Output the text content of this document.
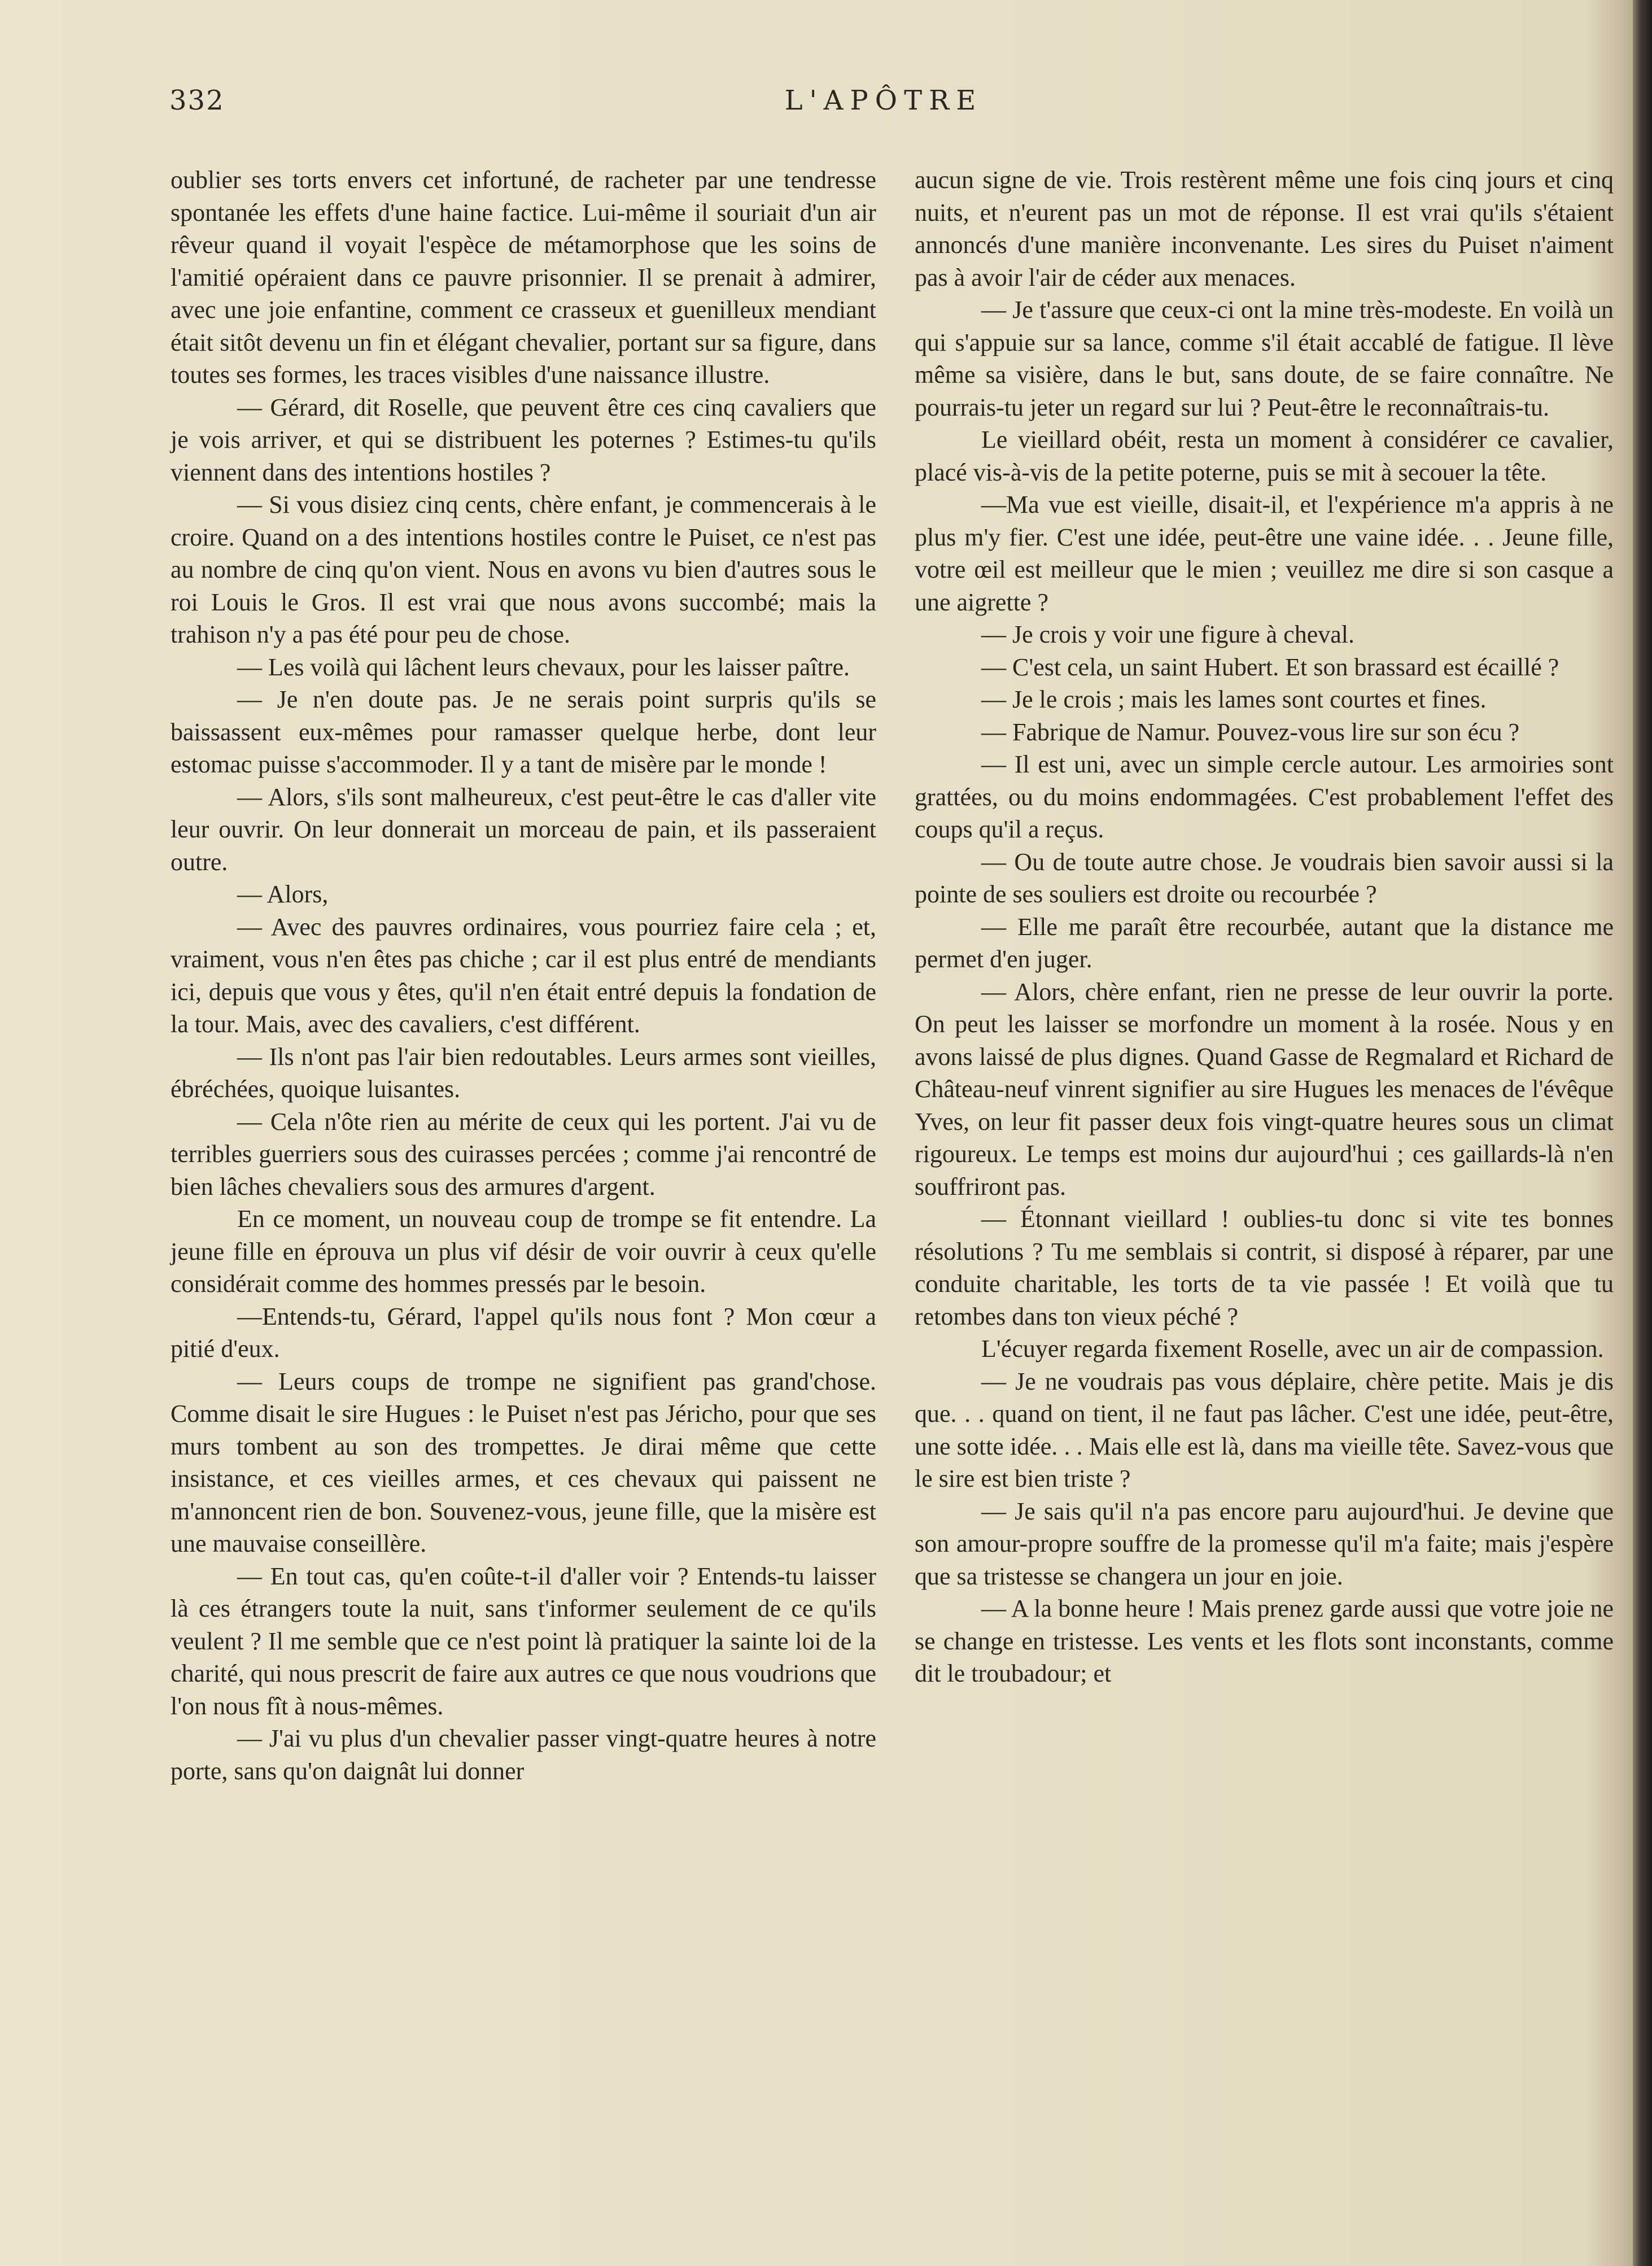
332	L'APÔTRE

oublier ses torts envers cet infortuné, de racheter par une tendresse spontanée les effets d'une haine factice. Lui-même il souriait d'un air rêveur quand il voyait l'espèce de métamorphose que les soins de l'amitié opéraient dans ce pauvre prisonnier. Il se prenait à admirer, avec une joie enfantine, comment ce crasseux et guenilleux mendiant était sitôt devenu un fin et élégant chevalier, portant sur sa figure, dans toutes ses formes, les traces visibles d'une naissance illustre.

— Gérard, dit Roselle, que peuvent être ces cinq cavaliers que je vois arriver, et qui se distribuent les poternes ? Estimes-tu qu'ils viennent dans des intentions hostiles ?

— Si vous disiez cinq cents, chère enfant, je commencerais à le croire. Quand on a des intentions hostiles contre le Puiset, ce n'est pas au nombre de cinq qu'on vient. Nous en avons vu bien d'autres sous le roi Louis le Gros. Il est vrai que nous avons succombé; mais la trahison n'y a pas été pour peu de chose.

— Les voilà qui lâchent leurs chevaux, pour les laisser paître.

— Je n'en doute pas. Je ne serais point surpris qu'ils se baissassent eux-mêmes pour ramasser quelque herbe, dont leur estomac puisse s'accommoder. Il y a tant de misère par le monde !

— Alors, s'ils sont malheureux, c'est peut-être le cas d'aller vite leur ouvrir. On leur donnerait un morceau de pain, et ils passeraient outre.

— Alors,

— Avec des pauvres ordinaires, vous pourriez faire cela ; et, vraiment, vous n'en êtes pas chiche ; car il est plus entré de mendiants ici, depuis que vous y êtes, qu'il n'en était entré depuis la fondation de la tour. Mais, avec des cavaliers, c'est différent.

— Ils n'ont pas l'air bien redoutables. Leurs armes sont vieilles, ébréchées, quoique luisantes.

— Cela n'ôte rien au mérite de ceux qui les portent. J'ai vu de terribles guerriers sous des cuirasses percées ; comme j'ai rencontré de bien lâches chevaliers sous des armures d'argent.

En ce moment, un nouveau coup de trompe se fit entendre. La jeune fille en éprouva un plus vif désir de voir ouvrir à ceux qu'elle considérait comme des hommes pressés par le besoin.

—Entends-tu, Gérard, l'appel qu'ils nous font ? Mon cœur a pitié d'eux.

— Leurs coups de trompe ne signifient pas grand'chose. Comme disait le sire Hugues : le Puiset n'est pas Jéricho, pour que ses murs tombent au son des trompettes. Je dirai même que cette insistance, et ces vieilles armes, et ces chevaux qui paissent ne m'annoncent rien de bon. Souvenez-vous, jeune fille, que la misère est une mauvaise conseillère.

— En tout cas, qu'en coûte-t-il d'aller voir ? Entends-tu laisser là ces étrangers toute la nuit, sans t'informer seulement de ce qu'ils veulent ? Il me semble que ce n'est point là pratiquer la sainte loi de la charité, qui nous prescrit de faire aux autres ce que nous voudrions que l'on nous fît à nous-mêmes.

— J'ai vu plus d'un chevalier passer vingt-quatre heures à notre porte, sans qu'on daignât lui donner

aucun signe de vie. Trois restèrent même une fois cinq jours et cinq nuits, et n'eurent pas un mot de réponse. Il est vrai qu'ils s'étaient annoncés d'une manière inconvenante. Les sires du Puiset n'aiment pas à avoir l'air de céder aux menaces.

— Je t'assure que ceux-ci ont la mine très-modeste. En voilà un qui s'appuie sur sa lance, comme s'il était accablé de fatigue. Il lève même sa visière, dans le but, sans doute, de se faire connaître. Ne pourrais-tu jeter un regard sur lui ? Peut-être le reconnaîtrais-tu.

Le vieillard obéit, resta un moment à considérer ce cavalier, placé vis-à-vis de la petite poterne, puis se mit à secouer la tête.

—Ma vue est vieille, disait-il, et l'expérience m'a appris à ne plus m'y fier. C'est une idée, peut-être une vaine idée. . . Jeune fille, votre œil est meilleur que le mien ; veuillez me dire si son casque a une aigrette ?

— Je crois y voir une figure à cheval.

— C'est cela, un saint Hubert. Et son brassard est écaillé ?

— Je le crois ; mais les lames sont courtes et fines.

— Fabrique de Namur. Pouvez-vous lire sur son écu ?

— Il est uni, avec un simple cercle autour. Les armoiries sont grattées, ou du moins endommagées. C'est probablement l'effet des coups qu'il a reçus.

— Ou de toute autre chose. Je voudrais bien savoir aussi si la pointe de ses souliers est droite ou recourbée ?

— Elle me paraît être recourbée, autant que la distance me permet d'en juger.

— Alors, chère enfant, rien ne presse de leur ouvrir la porte. On peut les laisser se morfondre un moment à la rosée. Nous y en avons laissé de plus dignes. Quand Gasse de Regmalard et Richard de Château-neuf vinrent signifier au sire Hugues les menaces de l'évêque Yves, on leur fit passer deux fois vingt-quatre heures sous un climat rigoureux. Le temps est moins dur aujourd'hui ; ces gaillards-là n'en souffriront pas.

— Étonnant vieillard ! oublies-tu donc si vite tes bonnes résolutions ? Tu me semblais si contrit, si disposé à réparer, par une conduite charitable, les torts de ta vie passée ! Et voilà que tu retombes dans ton vieux péché ?

L'écuyer regarda fixement Roselle, avec un air de compassion.

— Je ne voudrais pas vous déplaire, chère petite. Mais je dis que. . . quand on tient, il ne faut pas lâcher. C'est une idée, peut-être, une sotte idée. . . Mais elle est là, dans ma vieille tête. Savez-vous que le sire est bien triste ?

— Je sais qu'il n'a pas encore paru aujourd'hui. Je devine que son amour-propre souffre de la promesse qu'il m'a faite; mais j'espère que sa tristesse se changera un jour en joie.

— A la bonne heure ! Mais prenez garde aussi que votre joie ne se change en tristesse. Les vents et les flots sont inconstants, comme dit le troubadour; et
